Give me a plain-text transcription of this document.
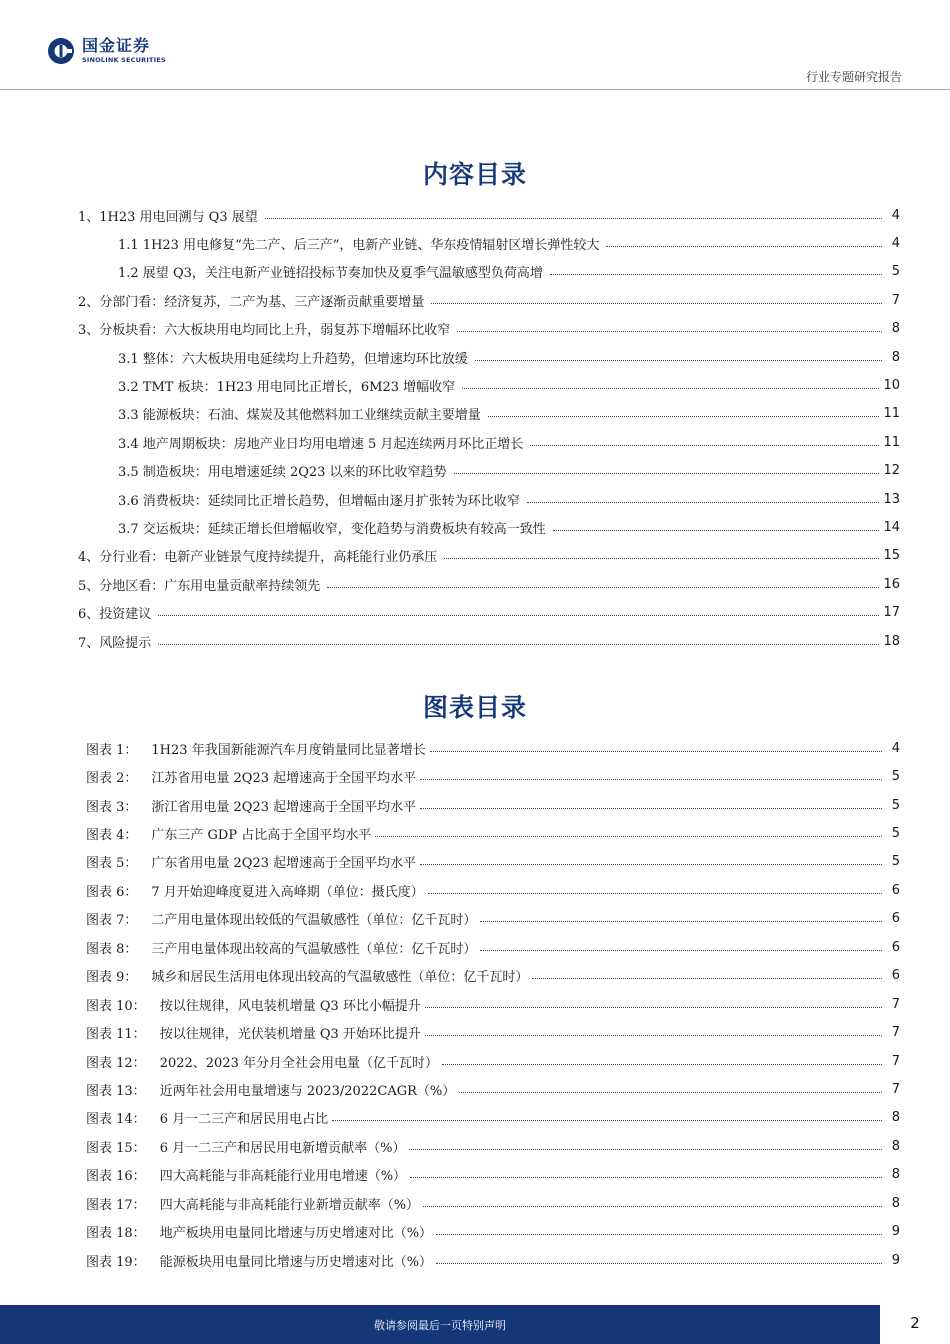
国金证券
SINOLINK SECURITIES
行业专题研究报告
内容目录
1、1H23 用电回溯与 Q3 展望	4
1.1 1H23 用电修复“先二产、后三产”，电新产业链、华东疫情辐射区增长弹性较大	4
1.2 展望 Q3，关注电新产业链招投标节奏加快及夏季气温敏感型负荷高增	5
2、分部门看：经济复苏，二产为基、三产逐渐贡献重要增量	7
3、分板块看：六大板块用电均同比上升，弱复苏下增幅环比收窄	8
3.1 整体：六大板块用电延续均上升趋势，但增速均环比放缓	8
3.2 TMT 板块：1H23 用电同比正增长，6M23 增幅收窄	10
3.3 能源板块：石油、煤炭及其他燃料加工业继续贡献主要增量	11
3.4 地产周期板块：房地产业日均用电增速 5 月起连续两月环比正增长	11
3.5 制造板块：用电增速延续 2Q23 以来的环比收窄趋势	12
3.6 消费板块：延续同比正增长趋势，但增幅由逐月扩张转为环比收窄	13
3.7 交运板块：延续正增长但增幅收窄，变化趋势与消费板块有较高一致性	14
4、分行业看：电新产业链景气度持续提升，高耗能行业仍承压	15
5、分地区看：广东用电量贡献率持续领先	16
6、投资建议	17
7、风险提示	18
图表目录
图表 1： 1H23 年我国新能源汽车月度销量同比显著增长	4
图表 2： 江苏省用电量 2Q23 起增速高于全国平均水平	5
图表 3： 浙江省用电量 2Q23 起增速高于全国平均水平	5
图表 4： 广东三产 GDP 占比高于全国平均水平	5
图表 5： 广东省用电量 2Q23 起增速高于全国平均水平	5
图表 6： 7 月开始迎峰度夏进入高峰期（单位：摄氏度）	6
图表 7： 二产用电量体现出较低的气温敏感性（单位：亿千瓦时）	6
图表 8： 三产用电量体现出较高的气温敏感性（单位：亿千瓦时）	6
图表 9： 城乡和居民生活用电体现出较高的气温敏感性（单位：亿千瓦时）	6
图表 10： 按以往规律，风电装机增量 Q3 环比小幅提升	7
图表 11： 按以往规律，光伏装机增量 Q3 开始环比提升	7
图表 12： 2022、2023 年分月全社会用电量（亿千瓦时）	7
图表 13： 近两年社会用电量增速与 2023/2022CAGR（%）	7
图表 14： 6 月一二三产和居民用电占比	8
图表 15： 6 月一二三产和居民用电新增贡献率（%）	8
图表 16： 四大高耗能与非高耗能行业用电增速（%）	8
图表 17： 四大高耗能与非高耗能行业新增贡献率（%）	8
图表 18： 地产板块用电量同比增速与历史增速对比（%）	9
图表 19： 能源板块用电量同比增速与历史增速对比（%）	9
敬请参阅最后一页特别声明	2
